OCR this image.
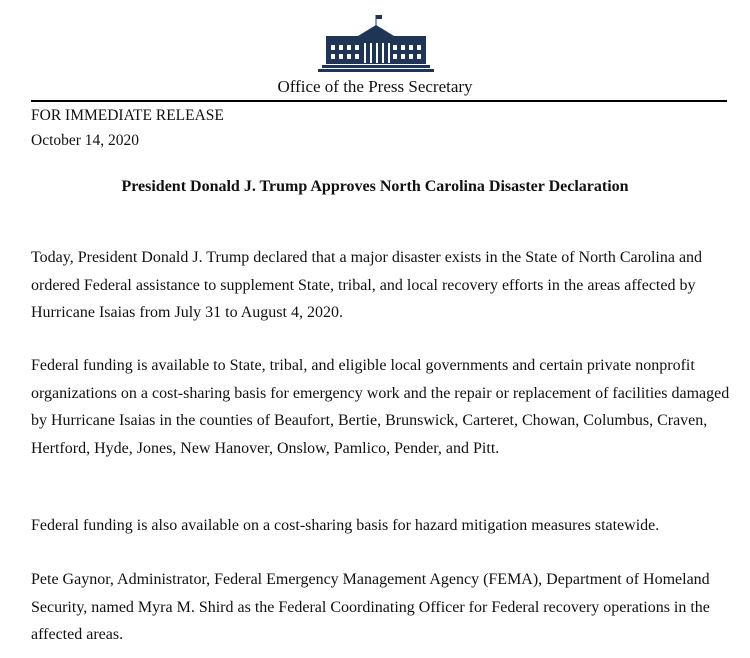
Office of the Press Secretary
FOR IMMEDIATE RELEASE
October 14, 2020
President Donald J. Trump Approves North Carolina Disaster Declaration

Today, President Donald J. Trump declared that a major disaster exists in the State of North Carolina and ordered Federal assistance to supplement State, tribal, and local recovery efforts in the areas affected by Hurricane Isaias from July 31 to August 4, 2020.

Federal funding is available to State, tribal, and eligible local governments and certain private nonprofit organizations on a cost-sharing basis for emergency work and the repair or replacement of facilities damaged by Hurricane Isaias in the counties of Beaufort, Bertie, Brunswick, Carteret, Chowan, Columbus, Craven, Hertford, Hyde, Jones, New Hanover, Onslow, Pamlico, Pender, and Pitt.

Federal funding is also available on a cost-sharing basis for hazard mitigation measures statewide.

Pete Gaynor, Administrator, Federal Emergency Management Agency (FEMA), Department of Homeland Security, named Myra M. Shird as the Federal Coordinating Officer for Federal recovery operations in the affected areas.
